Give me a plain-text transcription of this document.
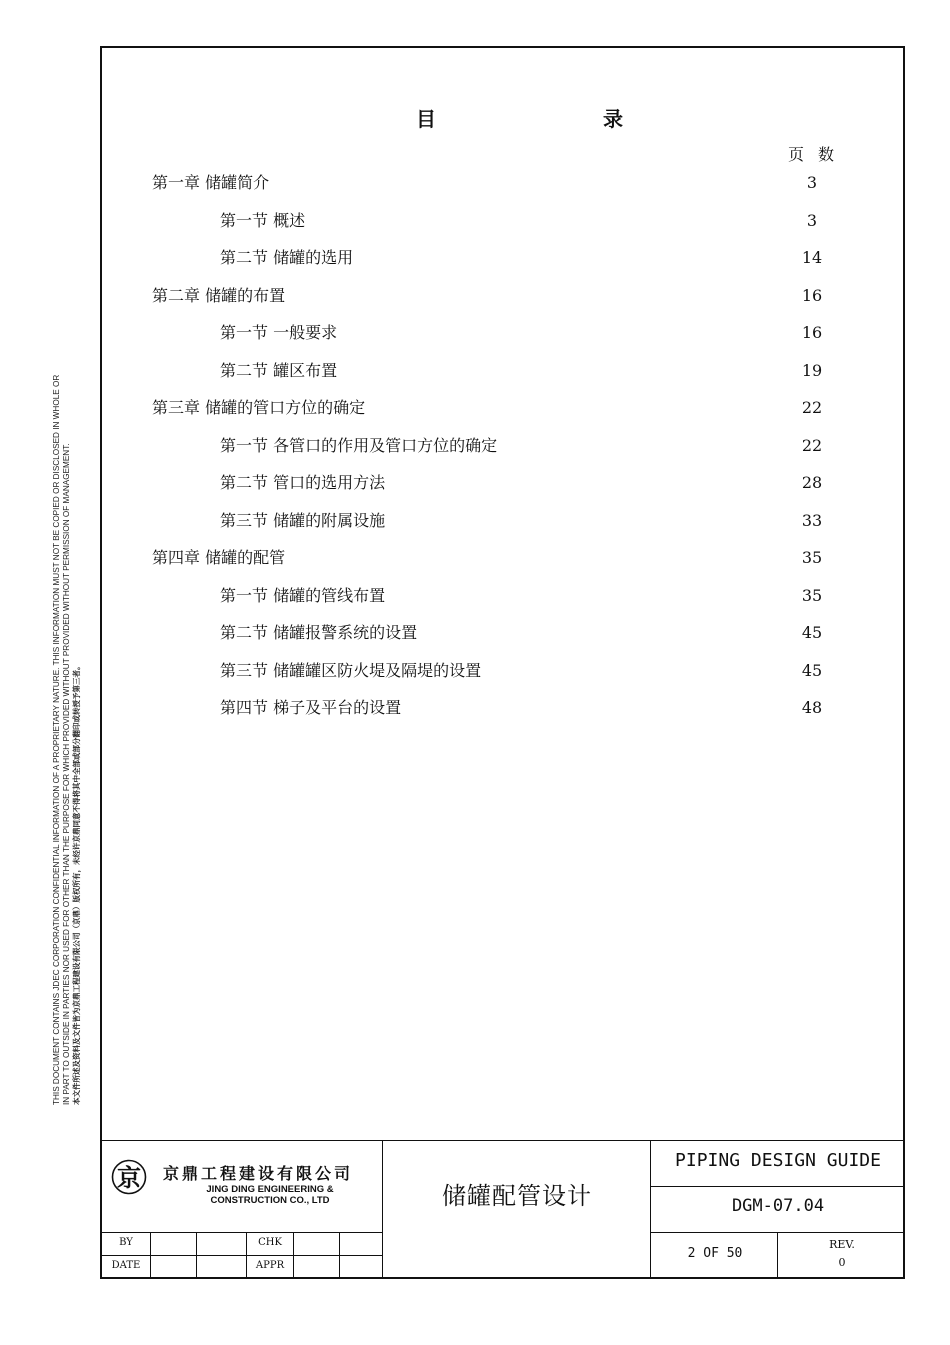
THIS DOCUMENT CONTAINS JDEC CORPORATION CONFIDENTIAL INFORMATION OF A PROPRIETARY NATURE. THIS INFORMATION MUST NOT BE COPIED OR DISCLOSED IN WHOLE OR IN PART TO OUTSIDE IN PARTIES NOR USED FOR OTHER THAN THE PURPOSE FOR WHICH PROVIDED WITHOUT PROVIDED WITHOUT PERMISSION OF MANAGEMENT. 本文件所述及资料及文件皆为京鼎工程建设有限公司（京鼎）版权所有，未经许京鼎同意不得将其中全部或部分翻印或转授予第三者。
目 录
页数
第一章 储罐简介	3
第一节 概述	3
第二节 储罐的选用	14
第二章 储罐的布置	16
第一节 一般要求	16
第二节 罐区布置	19
第三章 储罐的管口方位的确定	22
第一节 各管口的作用及管口方位的确定	22
第二节 管口的选用方法	28
第三节 储罐的附属设施	33
第四章 储罐的配管	35
第一节 储罐的管线布置	35
第二节 储罐报警系统的设置	45
第三节 储罐罐区防火堤及隔堤的设置	45
第四节 梯子及平台的设置	48
京 京鼎工程建设有限公司
JING DING ENGINEERING &
CONSTRUCTION CO., LTD	储罐配管设计
PIPING DESIGN GUIDE
DGM-07.04
2 OF 50
REV.
0
BY
DATE
CHK
APPR
